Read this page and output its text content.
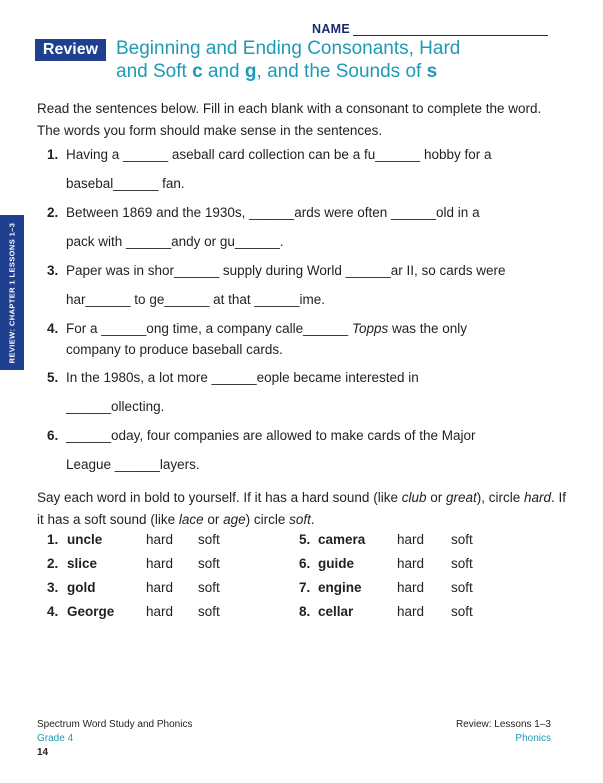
NAME
Review Beginning and Ending Consonants, Hard
and Soft c and g, and the Sounds of s
REVIEW: CHAPTER 1 LESSONS 1–3
Read the sentences below. Fill in each blank with a consonant to complete the word. The words you form should make sense in the sentences.
1. Having a ______ aseball card collection can be a fu______ hobby for a
basebal______ fan.
2. Between 1869 and the 1930s, ______ards were often ______old in a
pack with ______andy or gu______.
3. Paper was in shor______ supply during World ______ar II, so cards were
har______ to ge______ at that ______ime.
4. For a ______ong time, a company calle______ Topps was the only
company to produce baseball cards.
5. In the 1980s, a lot more ______eople became interested in
______ollecting.
6. ______oday, four companies are allowed to make cards of the Major
League ______layers.
Say each word in bold to yourself. If it has a hard sound (like club or great), circle hard. If it has a soft sound (like lace or age) circle soft.
1. uncle	hard soft
2. slice	hard soft
3. gold	hard soft
4. George hard soft
5. camera hard soft
6. guide	hard soft
7. engine	hard soft
8. cellar	hard soft
Spectrum Word Study and Phonics
Grade 4
Review: Lessons 1–3
Phonics
14
